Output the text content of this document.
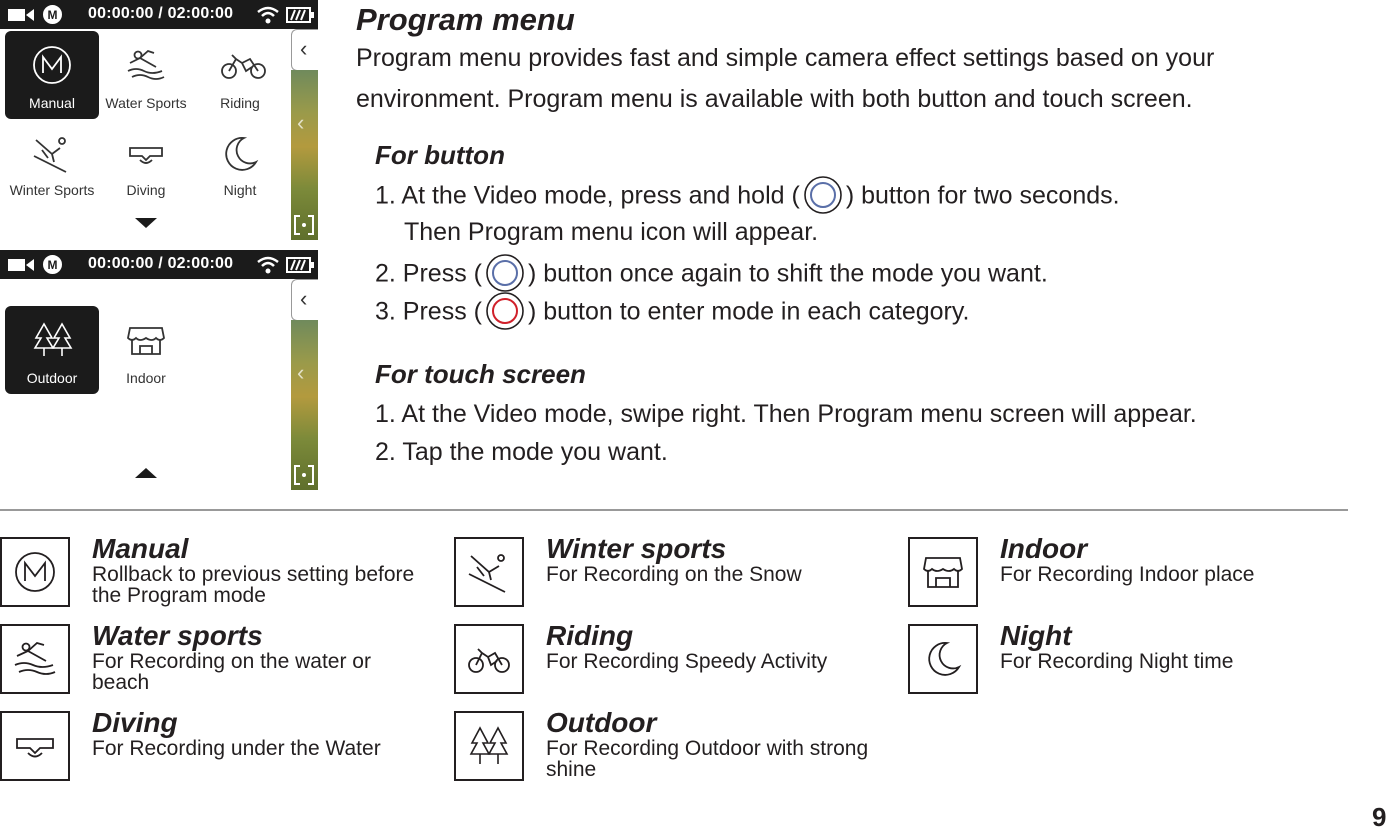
M 00:00:00 / 02:00:00
Manual	Water Sports	Riding
Winter Sports	Diving	Night
‹
‹
M 00:00:00 / 02:00:00
Outdoor	Indoor
‹
‹
Program menu
Program menu provides fast and simple camera effect settings based on your environment. Program menu is available with both button and touch screen.
For button
1. At the Video mode, press and hold ( ) button for two seconds.
Then Program menu icon will appear.
2. Press ( ) button once again to shift the mode you want.
3. Press ( ) button to enter mode in each category.
For touch screen
1. At the Video mode, swipe right. Then Program menu screen will appear.
2. Tap the mode you want.
Manual
Rollback to previous setting before the Program mode
Winter sports
For Recording on the Snow
Indoor
For Recording Indoor place
Water sports
For Recording on the water or beach
Riding
For Recording Speedy Activity
Night
For Recording Night time
Diving
For Recording under the Water
Outdoor
For Recording Outdoor with strong shine
9
